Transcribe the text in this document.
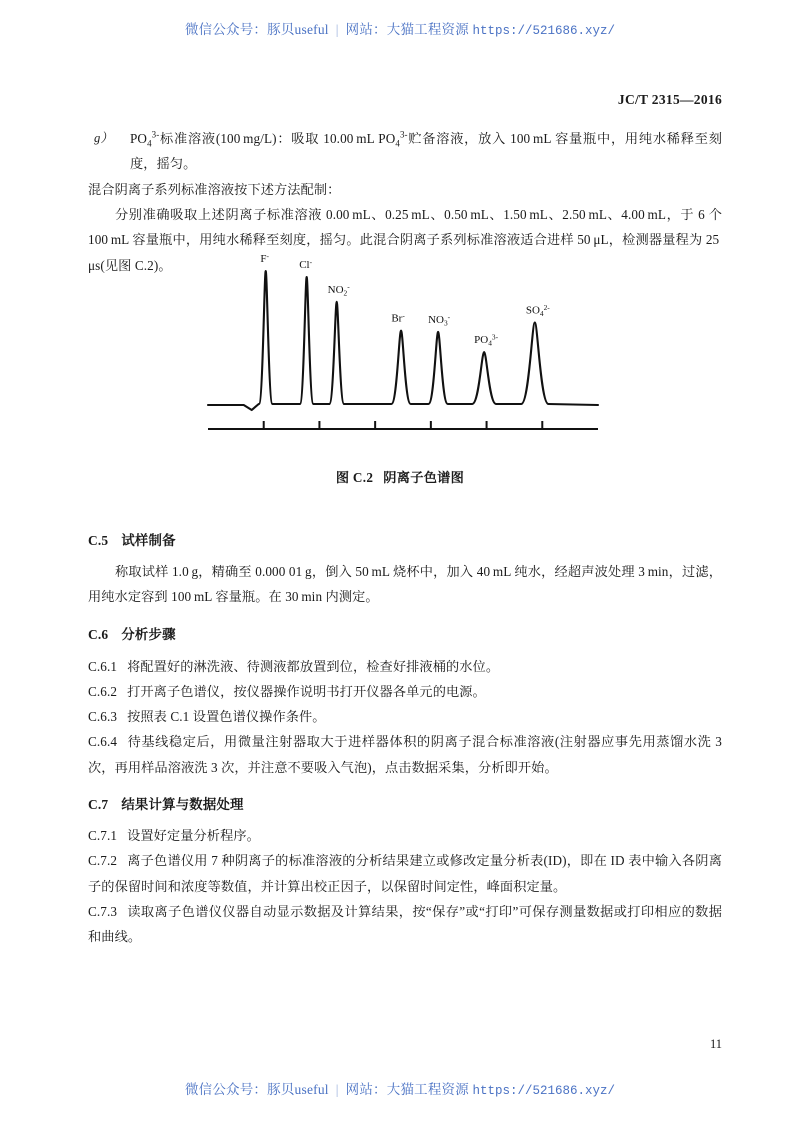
微信公众号：豚贝useful | 网站：大猫工程资源 https://521686.xyz/
JC/T 2315—2016

g） $PO_4^{3-}$标准溶液(100 mg/L)：吸取 10.00 mL $PO_4^{3-}$贮备溶液，放入 100 mL 容量瓶中，用纯水稀释至刻度，摇匀。

混合阴离子系列标准溶液按下述方法配制：

分别准确吸取上述阴离子标准溶液 0.00 mL、0.25 mL、0.50 mL、1.50 mL、2.50 mL、4.00 mL，于 6 个 100 mL 容量瓶中，用纯水稀释至刻度，摇匀。此混合阴离子系列标准溶液适合进样 50 μL，检测器量程为 25 μs(见图 C.2)。

C.5 试样制备

称取试样 1.0 g，精确至 0.000 01 g，倒入 50 mL 烧杯中，加入 40 mL 纯水，经超声波处理 3 min，过滤，用纯水定容到 100 mL 容量瓶。在 30 min 内测定。

C.6 分析步骤

C.6.1 将配置好的淋洗液、待测液都放置到位，检查好排液桶的水位。

C.6.2 打开离子色谱仪，按仪器操作说明书打开仪器各单元的电源。

C.6.3 按照表 C.1 设置色谱仪操作条件。

C.6.4 待基线稳定后，用微量注射器取大于进样器体积的阴离子混合标准溶液(注射器应事先用蒸馏水洗 3 次，再用样品溶液洗 3 次，并注意不要吸入气泡)，点击数据采集，分析即开始。

C.7 结果计算与数据处理

C.7.1 设置好定量分析程序。

C.7.2 离子色谱仪用 7 种阴离子的标准溶液的分析结果建立或修改定量分析表(ID)，即在 ID 表中输入各阴离子的保留时间和浓度等数值，并计算出校正因子，以保留时间定性，峰面积定量。

C.7.3 读取离子色谱仪仪器自动显示数据及计算结果，按“保存”或“打印”可保存测量数据或打印相应的数据和曲线。

F-
Cl-
$NO_2^-$
Br- $NO_3^-$
$PO_4^{3-}$
$SO_4^{2-}$
图 C.2 阴离子色谱图
11
微信公众号：豚贝useful | 网站：大猫工程资源 https://521686.xyz/
